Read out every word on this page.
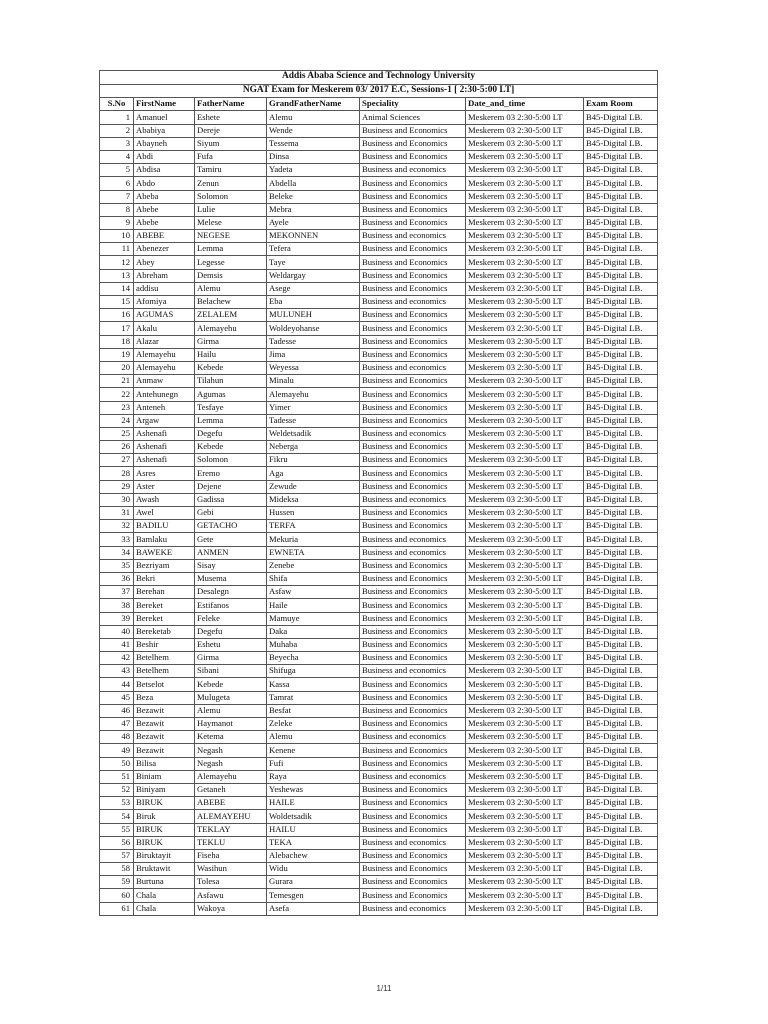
Addis Ababa Science and Technology University						
NGAT Exam for Meskerem 03/ 2017 E.C, Sessions-1 [ 2:30-5:00 LT]						
S.No	FirstName	FatherName	GrandFatherName	Speciality	Date_and_time	Exam Room
1	Amanuel	Eshete	Alemu	Animal Sciences	Meskerem 03 2:30-5:00 LT	B45-Digital LB.
2	Ababiya	Dereje	Wende	Business and Economics	Meskerem 03 2:30-5:00 LT	B45-Digital LB.
3	Abayneh	Siyum	Tessema	Business and Economics	Meskerem 03 2:30-5:00 LT	B45-Digital LB.
4	Abdi	Fufa	Dinsa	Business and Economics	Meskerem 03 2:30-5:00 LT	B45-Digital LB.
5	Abdisa	Tamiru	Yadeta	Business and economics	Meskerem 03 2:30-5:00 LT	B45-Digital LB.
6	Abdo	Zenun	Abdella	Business and Economics	Meskerem 03 2:30-5:00 LT	B45-Digital LB.
7	Abeba	Solomon	Beleke	Business and Economics	Meskerem 03 2:30-5:00 LT	B45-Digital LB.
8	Abebe	Lulie	Mebra	Business and Economics	Meskerem 03 2:30-5:00 LT	B45-Digital LB.
9	Abebe	Melese	Ayele	Business and Economics	Meskerem 03 2:30-5:00 LT	B45-Digital LB.
10	ABEBE	NEGESE	MEKONNEN	Business and economics	Meskerem 03 2:30-5:00 LT	B45-Digital LB.
11	Abenezer	Lemma	Tefera	Business and Economics	Meskerem 03 2:30-5:00 LT	B45-Digital LB.
12	Abey	Legesse	Taye	Business and Economics	Meskerem 03 2:30-5:00 LT	B45-Digital LB.
13	Abreham	Demsis	Weldargay	Business and Economics	Meskerem 03 2:30-5:00 LT	B45-Digital LB.
14	addisu	Alemu	Asege	Business and Economics	Meskerem 03 2:30-5:00 LT	B45-Digital LB.
15	Afomiya	Belachew	Eba	Business and economics	Meskerem 03 2:30-5:00 LT	B45-Digital LB.
16	AGUMAS	ZELALEM	MULUNEH	Business and Economics	Meskerem 03 2:30-5:00 LT	B45-Digital LB.
17	Akalu	Alemayehu	Woldeyohanse	Business and Economics	Meskerem 03 2:30-5:00 LT	B45-Digital LB.
18	Alazar	Girma	Tadesse	Business and Economics	Meskerem 03 2:30-5:00 LT	B45-Digital LB.
19	Alemayehu	Hailu	Jima	Business and Economics	Meskerem 03 2:30-5:00 LT	B45-Digital LB.
20	Alemayehu	Kebede	Weyessa	Business and economics	Meskerem 03 2:30-5:00 LT	B45-Digital LB.
21	Anmaw	Tilahun	Minalu	Business and Economics	Meskerem 03 2:30-5:00 LT	B45-Digital LB.
22	Antehunegn	Agumas	Alemayehu	Business and Economics	Meskerem 03 2:30-5:00 LT	B45-Digital LB.
23	Anteneh	Tesfaye	Yimer	Business and Economics	Meskerem 03 2:30-5:00 LT	B45-Digital LB.
24	Argaw	Lemma	Tadesse	Business and Economics	Meskerem 03 2:30-5:00 LT	B45-Digital LB.
25	Ashenafi	Degefu	Weldetsadik	Business and economics	Meskerem 03 2:30-5:00 LT	B45-Digital LB.
26	Ashenafi	Kebede	Neberga	Business and Economics	Meskerem 03 2:30-5:00 LT	B45-Digital LB.
27	Ashenafi	Solomon	Fikru	Business and Economics	Meskerem 03 2:30-5:00 LT	B45-Digital LB.
28	Asres	Eremo	Aga	Business and Economics	Meskerem 03 2:30-5:00 LT	B45-Digital LB.
29	Aster	Dejene	Zewude	Business and Economics	Meskerem 03 2:30-5:00 LT	B45-Digital LB.
30	Awash	Gadissa	Mideksa	Business and economics	Meskerem 03 2:30-5:00 LT	B45-Digital LB.
31	Awel	Gebi	Hussen	Business and Economics	Meskerem 03 2:30-5:00 LT	B45-Digital LB.
32	BADILU	GETACHO	TERFA	Business and Economics	Meskerem 03 2:30-5:00 LT	B45-Digital LB.
33	Bamlaku	Gete	Mekuria	Business and economics	Meskerem 03 2:30-5:00 LT	B45-Digital LB.
34	BAWEKE	ANMEN	EWNETA	Business and economics	Meskerem 03 2:30-5:00 LT	B45-Digital LB.
35	Bezriyam	Sisay	Zenebe	Business and Economics	Meskerem 03 2:30-5:00 LT	B45-Digital LB.
36	Bekri	Musema	Shifa	Business and Economics	Meskerem 03 2:30-5:00 LT	B45-Digital LB.
37	Berehan	Desalegn	Asfaw	Business and Economics	Meskerem 03 2:30-5:00 LT	B45-Digital LB.
38	Bereket	Estifanos	Haile	Business and Economics	Meskerem 03 2:30-5:00 LT	B45-Digital LB.
39	Bereket	Feleke	Mamuye	Business and Economics	Meskerem 03 2:30-5:00 LT	B45-Digital LB.
40	Bereketab	Degefu	Daka	Business and Economics	Meskerem 03 2:30-5:00 LT	B45-Digital LB.
41	Beshir	Eshetu	Muhaba	Business and Economics	Meskerem 03 2:30-5:00 LT	B45-Digital LB.
42	Betelhem	Girma	Beyecha	Business and Economics	Meskerem 03 2:30-5:00 LT	B45-Digital LB.
43	Betelhem	Sibani	Shifuga	Business and economics	Meskerem 03 2:30-5:00 LT	B45-Digital LB.
44	Betselot	Kebede	Kassa	Business and Economics	Meskerem 03 2:30-5:00 LT	B45-Digital LB.
45	Beza	Mulugeta	Tamrat	Business and Economics	Meskerem 03 2:30-5:00 LT	B45-Digital LB.
46	Bezawit	Alemu	Besfat	Business and Economics	Meskerem 03 2:30-5:00 LT	B45-Digital LB.
47	Bezawit	Haymanot	Zeleke	Business and Economics	Meskerem 03 2:30-5:00 LT	B45-Digital LB.
48	Bezawit	Ketema	Alemu	Business and economics	Meskerem 03 2:30-5:00 LT	B45-Digital LB.
49	Bezawit	Negash	Kenene	Business and Economics	Meskerem 03 2:30-5:00 LT	B45-Digital LB.
50	Bilisa	Negash	Fufi	Business and Economics	Meskerem 03 2:30-5:00 LT	B45-Digital LB.
51	Biniam	Alemayehu	Raya	Business and economics	Meskerem 03 2:30-5:00 LT	B45-Digital LB.
52	Biniyam	Getaneh	Yeshewas	Business and Economics	Meskerem 03 2:30-5:00 LT	B45-Digital LB.
53	BIRUK	ABEBE	HAILE	Business and Economics	Meskerem 03 2:30-5:00 LT	B45-Digital LB.
54	Biruk	ALEMAYEHU	Woldetsadik	Business and Economics	Meskerem 03 2:30-5:00 LT	B45-Digital LB.
55	BIRUK	TEKLAY	HAILU	Business and Economics	Meskerem 03 2:30-5:00 LT	B45-Digital LB.
56	BIRUK	TEKLU	TEKA	Business and economics	Meskerem 03 2:30-5:00 LT	B45-Digital LB.
57	Biruktayit	Fiseha	Alebachew	Business and Economics	Meskerem 03 2:30-5:00 LT	B45-Digital LB.
58	Bruktawit	Wasihun	Widu	Business and Economics	Meskerem 03 2:30-5:00 LT	B45-Digital LB.
59	Burtuna	Tolesa	Gurara	Business and Economics	Meskerem 03 2:30-5:00 LT	B45-Digital LB.
60	Chala	Asfawu	Temesgen	Business and Economics	Meskerem 03 2:30-5:00 LT	B45-Digital LB.
61	Chala	Wakoya	Asefa	Business and economics	Meskerem 03 2:30-5:00 LT	B45-Digital LB.
1/11
